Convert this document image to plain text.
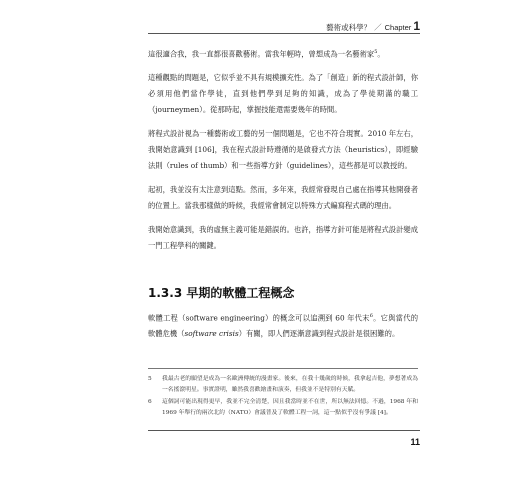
藝術或科學？ ／ Chapter 1

這很適合我，我一直都很喜歡藝術。當我年輕時，曾想成為一名藝術家$^5$。

這種觀點的問題是，它似乎並不具有規模擴充性。為了「創造」新的程式設計師，你必須用他們當作學徒，直到他們學到足夠的知識，成為了學徒期滿的職工（journeymen）。從那時起，掌握技能還需要幾年的時間。

將程式設計視為一種藝術或工藝的另一個問題是，它也不符合現實。2010 年左右，我開始意識到 [106]，我在程式設計時遵循的是啟發式方法（heuristics），即經驗法則（rules of thumb）和一些指導方針（guidelines），這些都是可以教授的。

起初，我並沒有太注意到這點。然而，多年來，我經常發現自己處在指導其他開發者的位置上。當我那樣做的時候，我經常會制定以特殊方式編寫程式碼的理由。

我開始意識到，我的虛無主義可能是錯誤的。也許，指導方針可能是將程式設計變成一門工程學科的關鍵。

1.3.3 早期的軟體工程概念

軟體工程（software engineering）的概念可以追溯到 60 年代末$^6$。它與當代的軟體危機（software crisis）有關，即人們逐漸意識到程式設計是很困難的。

5	我最古老的願望是成為一名歐洲傳統的漫畫家。後來，在我十幾歲的時候，我拿起吉他，夢想著成為一名搖滾明星。事實證明，雖然我喜歡繪畫和演奏，但我並不是特別有天賦。
6	這個詞可能出現得更早，我並不完全清楚，因且我當時並不在世，所以無法回憶。不過，1968 年和 1969 年舉行的兩次北約（NATO）會議普及了軟體工程一詞，這一點似乎沒有爭議 [4]。
11
